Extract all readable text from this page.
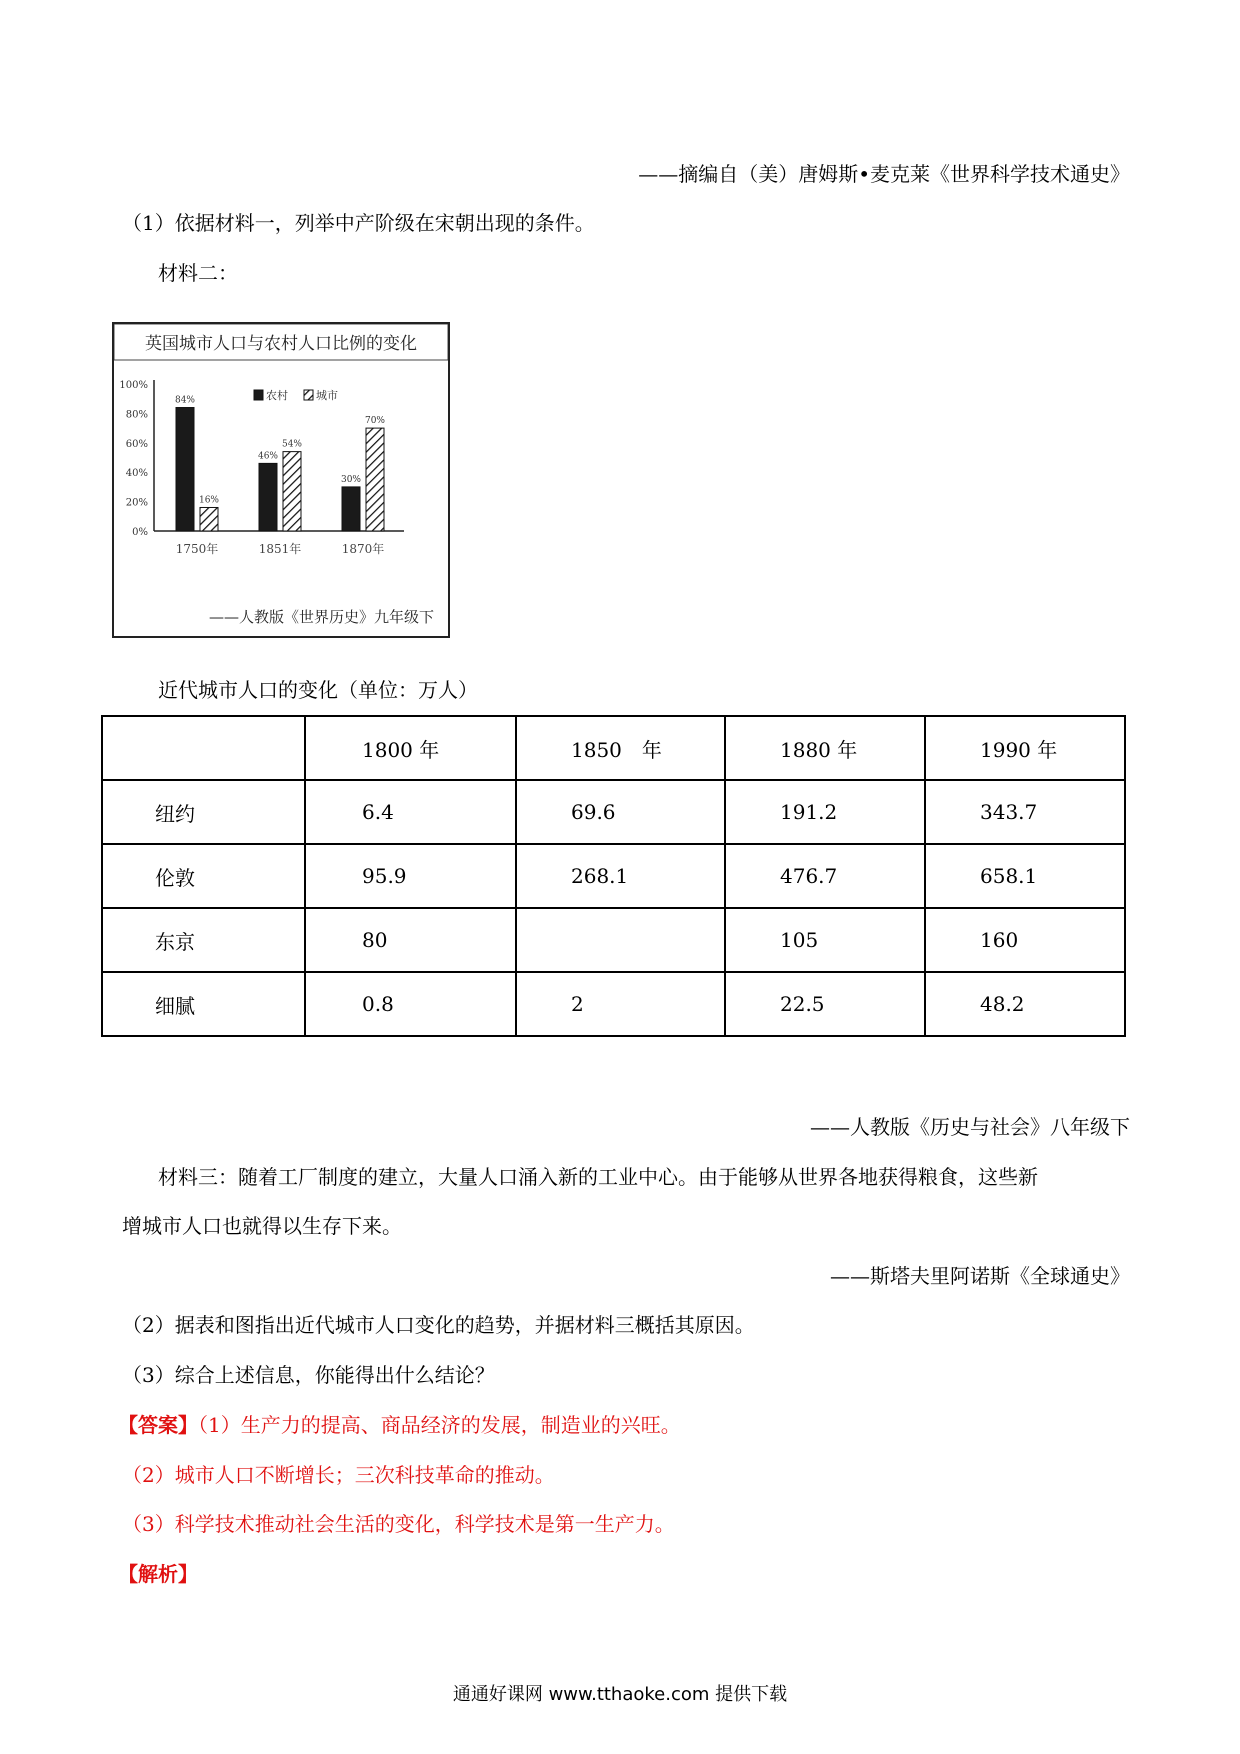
——摘编自（美）唐姆斯•麦克莱《世界科学技术通史》
（1）依据材料一，列举中产阶级在宋朝出现的条件。
材料二：
英国城市人口与农村人口比例的变化
100%
80%
60%
40%
20%
0%
84%
16%
1750年
46%
54%
1851年
30%
70%
1870年
农村	城市
——人教版《世界历史》九年级下
近代城市人口的变化（单位：万人）
	1800 年	1850　年	1880 年	1990 年
纽约	6.4	69.6	191.2	343.7
伦敦	95.9	268.1	476.7	658.1
东京	80		105	160
细腻	0.8	2	22.5	48.2
——人教版《历史与社会》八年级下
材料三：随着工厂制度的建立，大量人口涌入新的工业中心。由于能够从世界各地获得粮食，这些新
增城市人口也就得以生存下来。
——斯塔夫里阿诺斯《全球通史》
（2）据表和图指出近代城市人口变化的趋势，并据材料三概括其原因。
（3）综合上述信息，你能得出什么结论？
【答案】（1）生产力的提高、商品经济的发展，制造业的兴旺。
（2）城市人口不断增长；三次科技革命的推动。
（3）科学技术推动社会生活的变化，科学技术是第一生产力。
【解析】
通通好课网 www.tthaoke.com 提供下载
